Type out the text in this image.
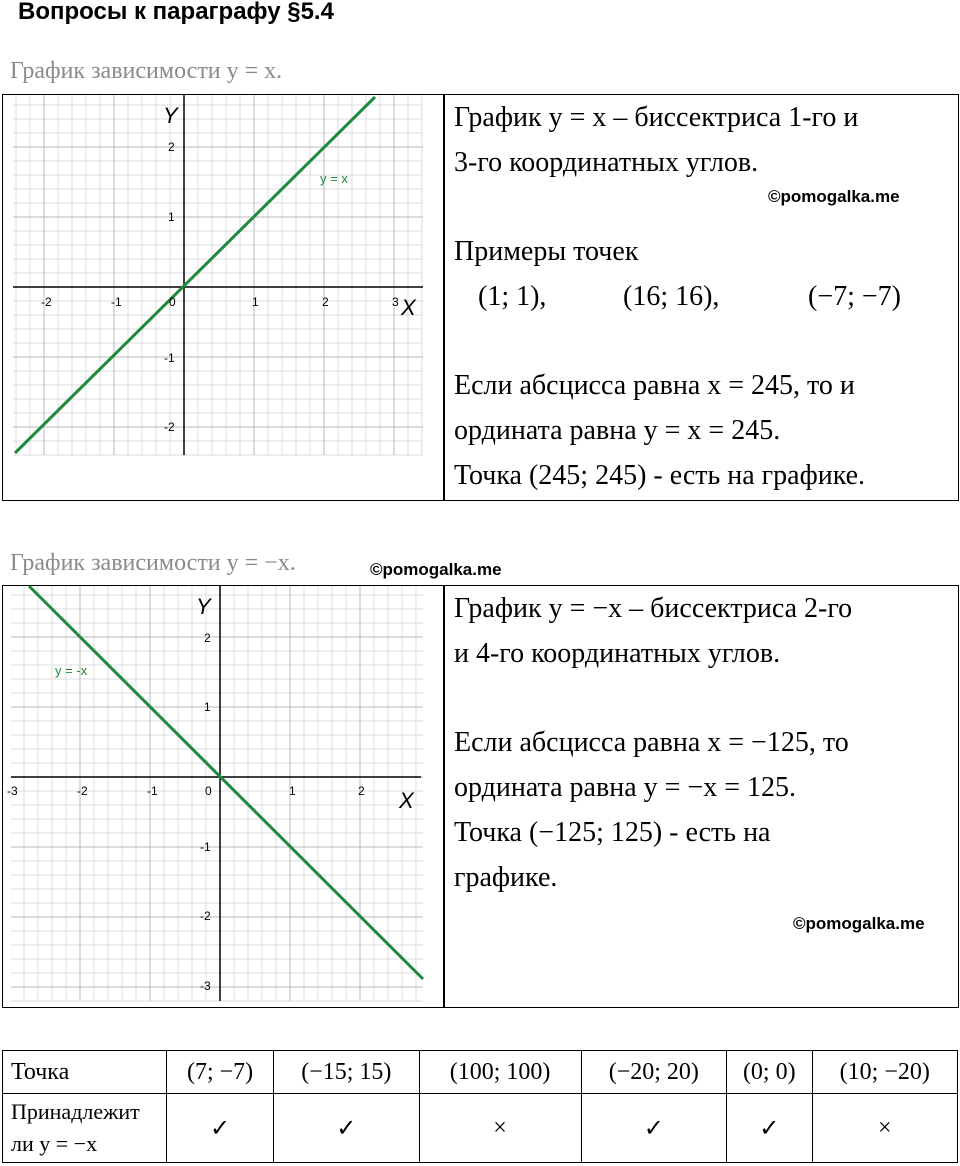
Вопросы к параграфу §5.4
График зависимости y = x.
Y
X
y = x
-2	-1	0	1	2	3
2
1
-1
-2
График y = x – биссектриса 1-го и
3-го координатных углов.
©pomogalka.me
Примеры точек
(1; 1),	(16; 16),	(−7; −7)
Если абсцисса равна x = 245, то и
ордината равна y = x = 245.
Точка (245; 245) - есть на графике.
График зависимости y = −x.	©pomogalka.me
Y
X
y = -x
-3	-2	-1	0	1	2
2
1
-1
-2
-3
График y = −x – биссектриса 2-го
и 4-го координатных углов.
Если абсцисса равна x = −125, то
ордината равна y = −x = 125.
Точка (−125; 125) - есть на
графике.
©pomogalka.me
Точка	(7; −7)	(−15; 15)	(100; 100)	(−20; 20)	(0; 0)	(10; −20)
Принадлежит ли y = −x	✓	✓	×	✓	✓	×
